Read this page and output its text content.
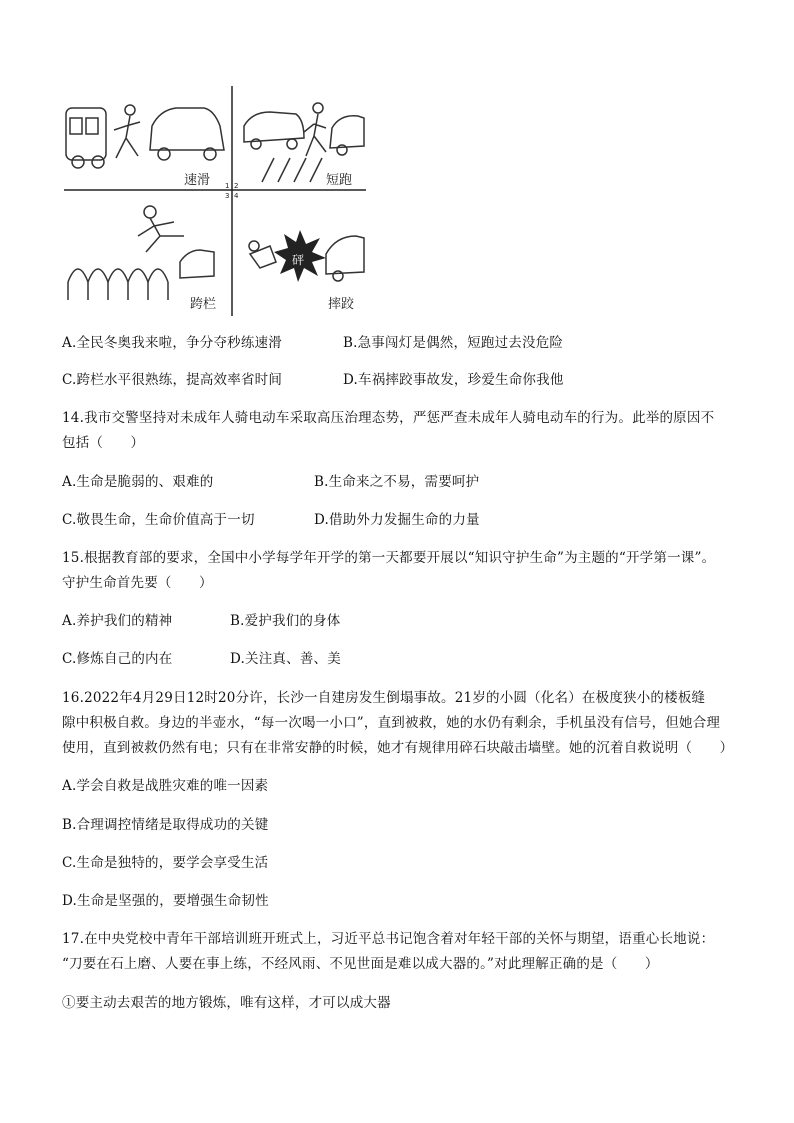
速滑	短跑
1 2
3 4
跨栏
砰
摔跤
A.全民冬奥我来啦，争分夺秒练速滑	B.急事闯灯是偶然，短跑过去没危险
C.跨栏水平很熟练，提高效率省时间	D.车祸摔跤事故发，珍爱生命你我他
14.我市交警坚持对未成年人骑电动车采取高压治理态势，严惩严查未成年人骑电动车的行为。此举的原因不
包括（　　）
A.生命是脆弱的、艰难的	B.生命来之不易，需要呵护
C.敬畏生命，生命价值高于一切	D.借助外力发掘生命的力量
15.根据教育部的要求，全国中小学每学年开学的第一天都要开展以“知识守护生命”为主题的“开学第一课”。
守护生命首先要（　　）
A.养护我们的精神	B.爱护我们的身体
C.修炼自己的内在	D.关注真、善、美
16.2022年4月29日12时20分许，长沙一自建房发生倒塌事故。21岁的小圆（化名）在极度狭小的楼板缝
隙中积极自救。身边的半壶水，“每一次喝一小口”，直到被救，她的水仍有剩余，手机虽没有信号，但她合理
使用，直到被救仍然有电；只有在非常安静的时候，她才有规律用碎石块敲击墙壁。她的沉着自救说明（　　）
A.学会自救是战胜灾难的唯一因素
B.合理调控情绪是取得成功的关键
C.生命是独特的，要学会享受生活
D.生命是坚强的，要增强生命韧性
17.在中央党校中青年干部培训班开班式上，习近平总书记饱含着对年轻干部的关怀与期望，语重心长地说：
“刀要在石上磨、人要在事上练，不经风雨、不见世面是难以成大器的。”对此理解正确的是（　　）
①要主动去艰苦的地方锻炼，唯有这样，才可以成大器
